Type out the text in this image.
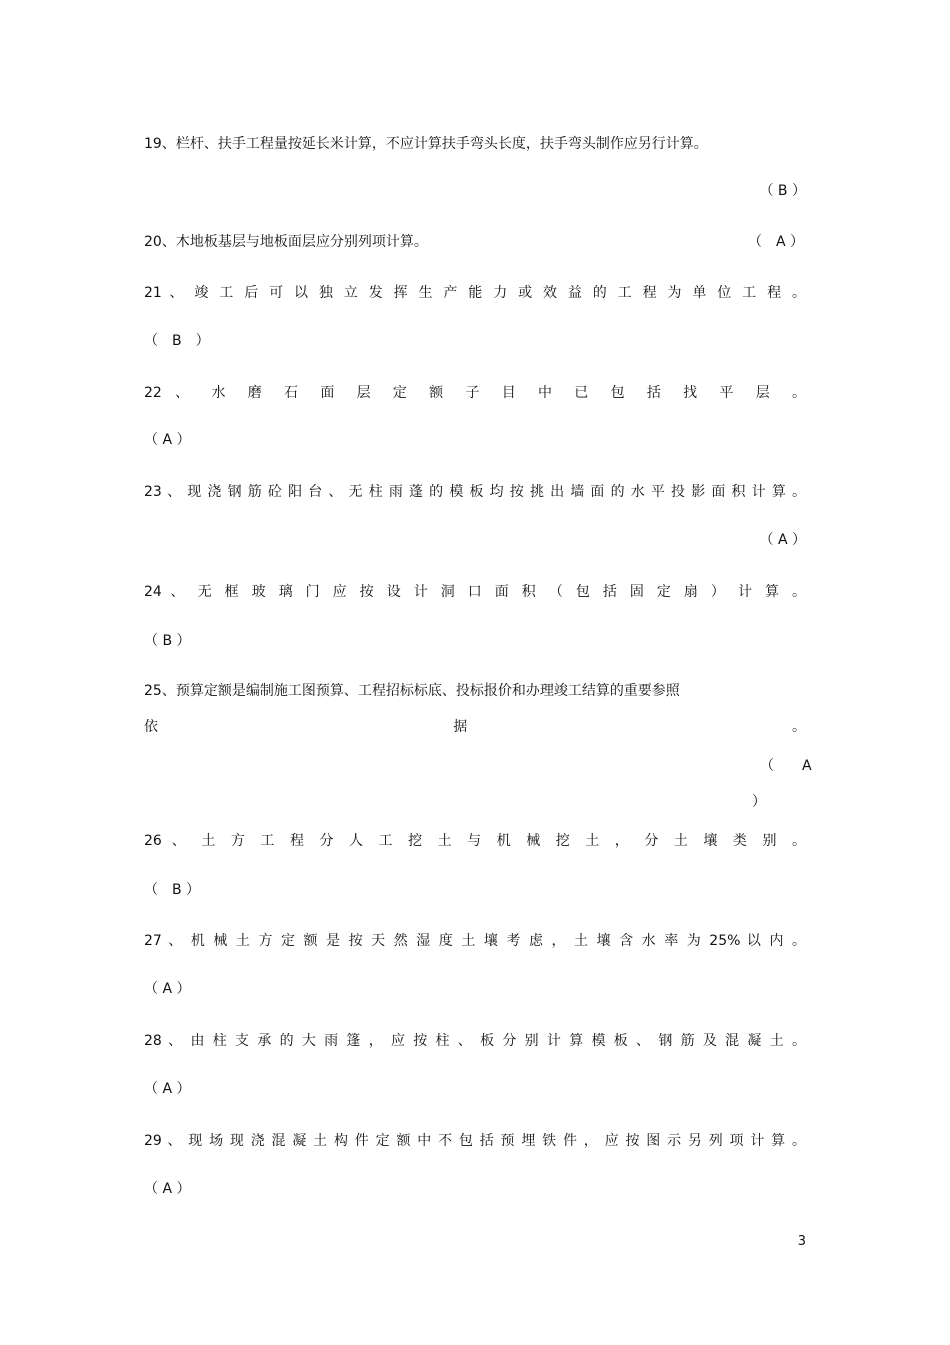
19、栏杆、扶手工程量按延长米计算，不应计算扶手弯头长度，扶手弯头制作应另行计算。
（ B ）
20、木地板基层与地板面层应分别列项计算。	（　A ）
21 、 竣 工 后 可 以 独 立 发 挥 生 产 能 力 或 效 益 的 工 程 为 单 位 工 程 。
（　B　）
22 、 水 磨 石 面 层 定 额 子 目 中 已 包 括 找 平 层 。
（ A ）
23 、 现 浇 钢 筋 砼 阳 台 、 无 柱 雨 蓬 的 模 板 均 按 挑 出 墙 面 的 水 平 投 影 面 积 计 算 。
（ A ）
24 、 无 框 玻 璃 门 应 按 设 计 洞 口 面 积 （ 包 括 固 定 扇 ） 计 算 。
（ B ）
25、预算定额是编制施工图预算、工程招标标底、投标报价和办理竣工结算的重要参照
依　　　　　　　　　　　　　　　　　　　　据　　　　　　　　　　　　　　　　　　　　　　。
（　　A
）
26 、 土 方 工 程 分 人 工 挖 土 与 机 械 挖 土 ， 分 土 壤 类 别 。
（　B ）
27 、 机 械 土 方 定 额 是 按 天 然 湿 度 土 壤 考 虑 ， 土 壤 含 水 率 为 25% 以 内 。
（ A ）
28 、 由 柱 支 承 的 大 雨 篷 ， 应 按 柱 、 板 分 别 计 算 模 板 、 钢 筋 及 混 凝 土 。
（ A ）
29 、 现 场 现 浇 混 凝 土 构 件 定 额 中 不 包 括 预 埋 铁 件 ， 应 按 图 示 另 列 项 计 算 。
（ A ）
3
